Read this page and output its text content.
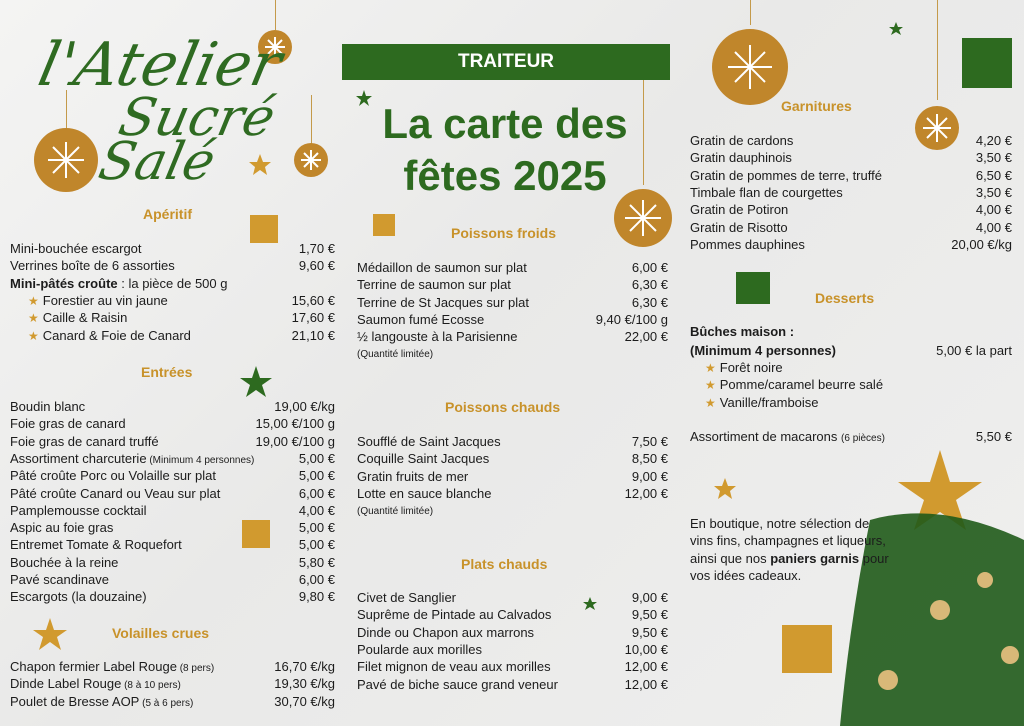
l'Atelier
Sucré
Salé
TRAITEUR
La carte des
fêtes 2025
Apéritif
Mini-bouchée escargot	1,70 €
Verrines boîte de 6 assorties	9,60 €
Mini-pâtés croûte : la pièce de 500 g
★ Forestier au vin jaune	15,60 €
★ Caille & Raisin	17,60 €
★ Canard & Foie de Canard	21,10 €
Entrées
Boudin blanc	19,00 €/kg
Foie gras de canard	15,00 €/100 g
Foie gras de canard truffé	19,00 €/100 g
Assortiment charcuterie (Minimum 4 personnes)	5,00 €
Pâté croûte Porc ou Volaille sur plat	5,00 €
Pâté croûte Canard ou Veau sur plat	6,00 €
Pamplemousse cocktail	4,00 €
Aspic au foie gras	5,00 €
Entremet Tomate & Roquefort	5,00 €
Bouchée à la reine	5,80 €
Pavé scandinave	6,00 €
Escargots (la douzaine)	9,80 €
Volailles crues
Chapon fermier Label Rouge (8 pers)	16,70 €/kg
Dinde Label Rouge (8 à 10 pers)	19,30 €/kg
Poulet de Bresse AOP (5 à 6 pers)	30,70 €/kg
Poissons froids
Médaillon de saumon sur plat	6,00 €
Terrine de saumon sur plat	6,30 €
Terrine de St Jacques sur plat	6,30 €
Saumon fumé Ecosse	9,40 €/100 g
½ langouste à la Parisienne	22,00 €
(Quantité limitée)
Poissons chauds
Soufflé de Saint Jacques	7,50 €
Coquille Saint Jacques	8,50 €
Gratin fruits de mer	9,00 €
Lotte en sauce blanche	12,00 €
(Quantité limitée)
Plats chauds
Civet de Sanglier	9,00 €
Suprême de Pintade au Calvados	9,50 €
Dinde ou Chapon aux marrons	9,50 €
Poularde aux morilles	10,00 €
Filet mignon de veau aux morilles	12,00 €
Pavé de biche sauce grand veneur	12,00 €
Garnitures
Gratin de cardons	4,20 €
Gratin dauphinois	3,50 €
Gratin de pommes de terre, truffé	6,50 €
Timbale flan de courgettes	3,50 €
Gratin de Potiron	4,00 €
Gratin de Risotto	4,00 €
Pommes dauphines	20,00 €/kg
Desserts
Bûches maison :
(Minimum 4 personnes)	5,00 € la part
★ Forêt noire
★ Pomme/caramel beurre salé
★ Vanille/framboise
Assortiment de macarons (6 pièces)	5,50 €
En boutique, notre sélection de vins fins, champagnes et liqueurs, ainsi que nos paniers garnis pour vos idées cadeaux.
